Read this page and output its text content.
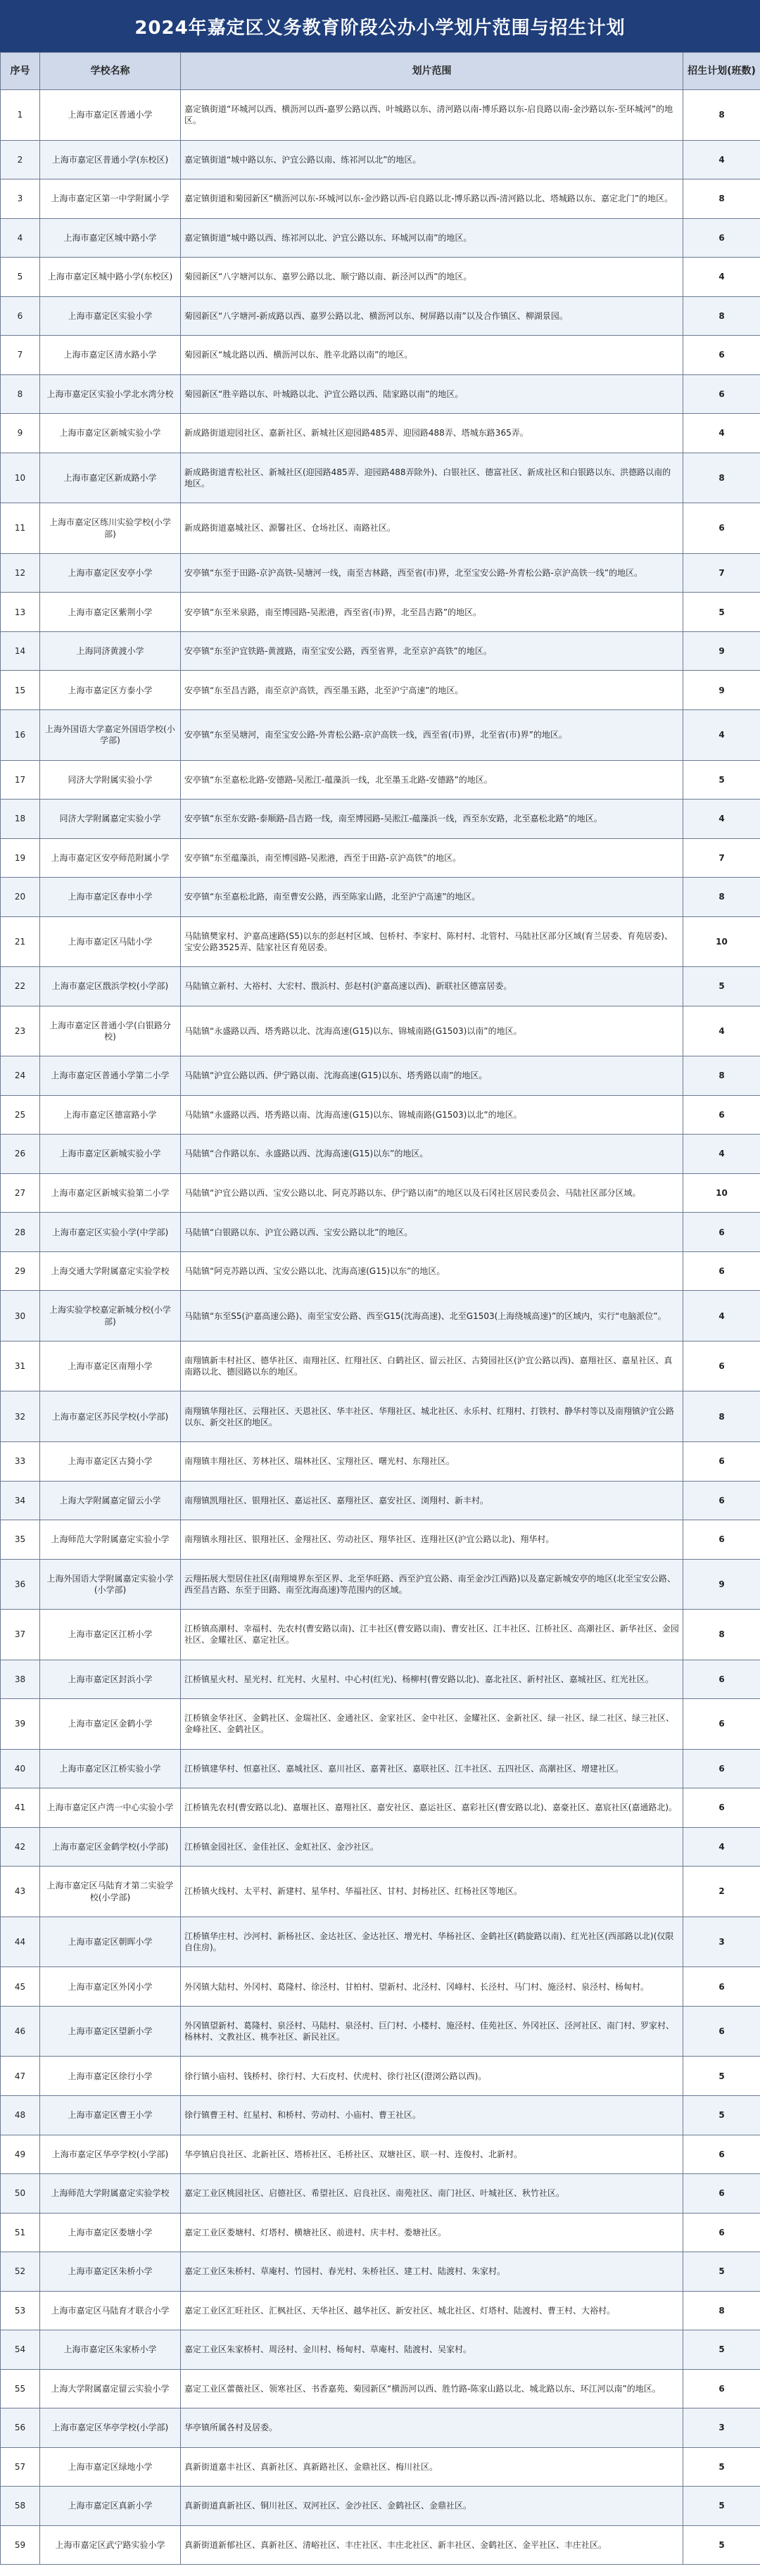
2024年嘉定区义务教育阶段公办小学划片范围与招生计划
序号	学校名称	划片范围	招生计划(班数)
1	上海市嘉定区普通小学	嘉定镇街道“环城河以西、横沥河以西-嘉罗公路以西、叶城路以东、清河路以南-博乐路以东-启良路以南-金沙路以东-至环城河”的地区。	8
2	上海市嘉定区普通小学(东校区)	嘉定镇街道“城中路以东、沪宜公路以南、练祁河以北”的地区。	4
3	上海市嘉定区第一中学附属小学	嘉定镇街道和菊园新区“横沥河以东-环城河以东-金沙路以西-启良路以北-博乐路以西-清河路以北、塔城路以东、嘉定北门”的地区。	8
4	上海市嘉定区城中路小学	嘉定镇街道“城中路以西、练祁河以北、沪宜公路以东、环城河以南”的地区。	6
5	上海市嘉定区城中路小学(东校区)	菊园新区“八字塘河以东、嘉罗公路以北、顺宁路以南、新泾河以西”的地区。	4
6	上海市嘉定区实验小学	菊园新区“八字塘河-新成路以西、嘉罗公路以北、横沥河以东、树屏路以南”以及合作镇区、柳湖景园。	8
7	上海市嘉定区清水路小学	菊园新区“城北路以西、横沥河以东、胜辛北路以南”的地区。	6
8	上海市嘉定区实验小学北水湾分校	菊园新区“胜辛路以东、叶城路以北、沪宜公路以西、陆家路以南”的地区。	6
9	上海市嘉定区新城实验小学	新成路街道迎园社区、嘉新社区、新城社区迎园路485弄、迎园路488弄、塔城东路365弄。	4
10	上海市嘉定区新成路小学	新成路街道青松社区、新城社区(迎园路485弄、迎园路488弄除外)、白银社区、德富社区、新成社区和白银路以东、洪德路以南的地区。	8
11	上海市嘉定区练川实验学校(小学部)	新成路街道嘉城社区、源馨社区、仓场社区、南路社区。	6
12	上海市嘉定区安亭小学	安亭镇“东至于田路-京沪高铁-吴塘河一线，南至吉林路，西至省(市)界，北至宝安公路-外青松公路-京沪高铁一线”的地区。	7
13	上海市嘉定区紫荆小学	安亭镇“东至米泉路，南至博园路-吴淞港，西至省(市)界，北至昌吉路”的地区。	5
14	上海同济黄渡小学	安亭镇“东至沪宜铁路-黄渡路，南至宝安公路，西至省界，北至京沪高铁”的地区。	9
15	上海市嘉定区方泰小学	安亭镇“东至昌吉路，南至京沪高铁，西至墨玉路，北至沪宁高速”的地区。	9
16	上海外国语大学嘉定外国语学校(小学部)	安亭镇“东至吴塘河，南至宝安公路-外青松公路-京沪高铁一线，西至省(市)界，北至省(市)界”的地区。	4
17	同济大学附属实验小学	安亭镇“东至嘉松北路-安德路-吴淞江-蕴藻浜一线，北至墨玉北路-安德路”的地区。	5
18	同济大学附属嘉定实验小学	安亭镇“东至东安路-泰顺路-昌吉路一线，南至博园路-吴淞江-蕴藻浜一线，西至东安路，北至嘉松北路”的地区。	4
19	上海市嘉定区安亭师范附属小学	安亭镇“东至蕴藻浜，南至博园路-吴淞港，西至于田路-京沪高铁”的地区。	7
20	上海市嘉定区春申小学	安亭镇“东至嘉松北路，南至曹安公路，西至陈家山路，北至沪宁高速”的地区。	8
21	上海市嘉定区马陆小学	马陆镇樊家村、沪嘉高速路(S5)以东的彭赵村区域、包桥村、李家村、陈村村、北管村、马陆社区部分区域(育兰居委、育苑居委)、宝安公路3525弄、陆家社区育苑居委。	10
22	上海市嘉定区戬浜学校(小学部)	马陆镇立新村、大裕村、大宏村、戬浜村、彭赵村(沪嘉高速以西)、新联社区德富居委。	5
23	上海市嘉定区普通小学(白银路分校)	马陆镇“永盛路以西、塔秀路以北、沈海高速(G15)以东、锦城南路(G1503)以南”的地区。	4
24	上海市嘉定区普通小学第二小学	马陆镇“沪宜公路以西、伊宁路以南、沈海高速(G15)以东、塔秀路以南”的地区。	8
25	上海市嘉定区德富路小学	马陆镇“永盛路以西、塔秀路以南、沈海高速(G15)以东、锦城南路(G1503)以北”的地区。	6
26	上海市嘉定区新城实验小学	马陆镇“合作路以东、永盛路以西、沈海高速(G15)以东”的地区。	4
27	上海市嘉定区新城实验第二小学	马陆镇“沪宜公路以西、宝安公路以北、阿克苏路以东、伊宁路以南”的地区以及石冈社区居民委员会、马陆社区部分区域。	10
28	上海市嘉定区实验小学(中学部)	马陆镇“白银路以东、沪宜公路以西、宝安公路以北”的地区。	6
29	上海交通大学附属嘉定实验学校	马陆镇“阿克苏路以西、宝安公路以北、沈海高速(G15)以东”的地区。	6
30	上海实验学校嘉定新城分校(小学部)	马陆镇“东至S5(沪嘉高速公路)、南至宝安公路、西至G15(沈海高速)、北至G1503(上海绕城高速)”的区域内，实行“电脑派位”。	4
31	上海市嘉定区南翔小学	南翔镇新丰村社区、德华社区、南翔社区、红翔社区、白鹤社区、留云社区、古猗园社区(沪宜公路以西)、嘉翔社区、嘉星社区、真南路以北、德园路以东的地区。	6
32	上海市嘉定区苏民学校(小学部)	南翔镇华翔社区、云翔社区、天恩社区、华丰社区、华翔社区、城北社区、永乐村、红翔村、打铁村、静华村等以及南翔镇沪宜公路以东、新交社区的地区。	8
33	上海市嘉定区古猗小学	南翔镇丰翔社区、芳林社区、瑞林社区、宝翔社区、曙光村、东翔社区。	6
34	上海大学附属嘉定留云小学	南翔镇凯翔社区、银翔社区、嘉运社区、嘉翔社区、嘉安社区、浏翔村、新丰村。	6
35	上海师范大学附属嘉定实验小学	南翔镇永翔社区、银翔社区、金翔社区、劳动社区、翔华社区、连翔社区(沪宜公路以北)、翔华村。	6
36	上海外国语大学附属嘉定实验小学(小学部)	云翔拓展大型居住社区(南翔境界东至区界、北至华旺路、西至沪宜公路、南至金沙江西路)以及嘉定新城安亭的地区(北至宝安公路、西至昌吉路、东至于田路、南至沈海高速)等范围内的区域。	9
37	上海市嘉定区江桥小学	江桥镇高潮村、幸福村、先农村(曹安路以南)、江丰社区(曹安路以南)、曹安社区、江丰社区、江桥社区、高潮社区、新华社区、金园社区、金耀社区、嘉定社区。	8
38	上海市嘉定区封浜小学	江桥镇星火村、星光村、红光村、火星村、中心村(红光)、杨柳村(曹安路以北)、嘉北社区、新村社区、嘉城社区、红光社区。	6
39	上海市嘉定区金鹤小学	江桥镇金华社区、金鹤社区、金瑞社区、金通社区、金家社区、金中社区、金耀社区、金新社区、绿一社区、绿二社区、绿三社区、金峰社区、金鹤社区。	6
40	上海市嘉定区江桥实验小学	江桥镇建华村、恒嘉社区、嘉城社区、嘉川社区、嘉菁社区、嘉联社区、江丰社区、五四社区、高潮社区、增建社区。	6
41	上海市嘉定区卢湾一中心实验小学	江桥镇先农村(曹安路以北)、嘉堰社区、嘉翔社区、嘉安社区、嘉运社区、嘉彩社区(曹安路以北)、嘉豪社区、嘉宸社区(嘉通路北)。	6
42	上海市嘉定区金鹤学校(小学部)	江桥镇金园社区、金佳社区、金虹社区、金沙社区。	4
43	上海市嘉定区马陆育才第二实验学校(小学部)	江桥镇火线村、太平村、新建村、星华村、华福社区、甘村、封杨社区、红杨社区等地区。	2
44	上海市嘉定区朝晖小学	江桥镇华庄村、沙河村、新杨社区、金达社区、金达社区、增光村、华杨社区、金鹤社区(鹤旋路以南)、红光社区(西部路以北)(仅限自住房)。	3
45	上海市嘉定区外冈小学	外冈镇大陆村、外冈村、葛隆村、徐泾村、甘柏村、望新村、北泾村、冈峰村、长泾村、马门村、施泾村、泉泾村、杨甸村。	6
46	上海市嘉定区望新小学	外冈镇望新村、葛隆村、泉泾村、马陆村、泉泾村、巨门村、小楼村、施泾村、佳苑社区、外冈社区、泾河社区、南门村、罗家村、杨林村、文教社区、桃李社区、新民社区。	6
47	上海市嘉定区徐行小学	徐行镇小庙村、钱桥村、徐行村、大石皮村、伏虎村、徐行社区(澄浏公路以西)。	5
48	上海市嘉定区曹王小学	徐行镇曹王村、红星村、和桥村、劳动村、小庙村、曹王社区。	5
49	上海市嘉定区华亭学校(小学部)	华亭镇启良社区、北新社区、塔桥社区、毛桥社区、双塘社区、联一村、连俊村、北新村。	6
50	上海师范大学附属嘉定实验学校	嘉定工业区桃园社区、启德社区、希望社区、启良社区、南苑社区、南门社区、叶城社区、秋竹社区。	6
51	上海市嘉定区娄塘小学	嘉定工业区娄塘村、灯塔村、横塘社区、前进村、庆丰村、娄塘社区。	6
52	上海市嘉定区朱桥小学	嘉定工业区朱桥村、草庵村、竹园村、春光村、朱桥社区、建工村、陆渡村、朱家村。	5
53	上海市嘉定区马陆育才联合小学	嘉定工业区汇旺社区、汇枫社区、天华社区、越华社区、新安社区、城北社区、灯塔村、陆渡村、曹王村、大裕村。	8
54	上海市嘉定区朱家桥小学	嘉定工业区朱家桥村、周泾村、金川村、杨甸村、草庵村、陆渡村、吴家村。	5
55	上海大学附属嘉定留云实验小学	嘉定工业区蕾薇社区、领寒社区、书香嘉苑、菊园新区“横沥河以西、胜竹路-陈家山路以北、城北路以东、环江河以南”的地区。	6
56	上海市嘉定区华亭学校(小学部)	华亭镇所属各村及居委。	3
57	上海市嘉定区绿地小学	真新街道嘉丰社区、真新社区、真新路社区、金鼎社区、梅川社区。	5
58	上海市嘉定区真新小学	真新街道真新社区、铜川社区、双河社区、金沙社区、金鹤社区、金鼎社区。	5
59	上海市嘉定区武宁路实验小学	真新街道新郁社区、真新社区、清峪社区、丰庄社区、丰庄北社区、新丰社区、金鹤社区、金平社区、丰庄社区。	5
